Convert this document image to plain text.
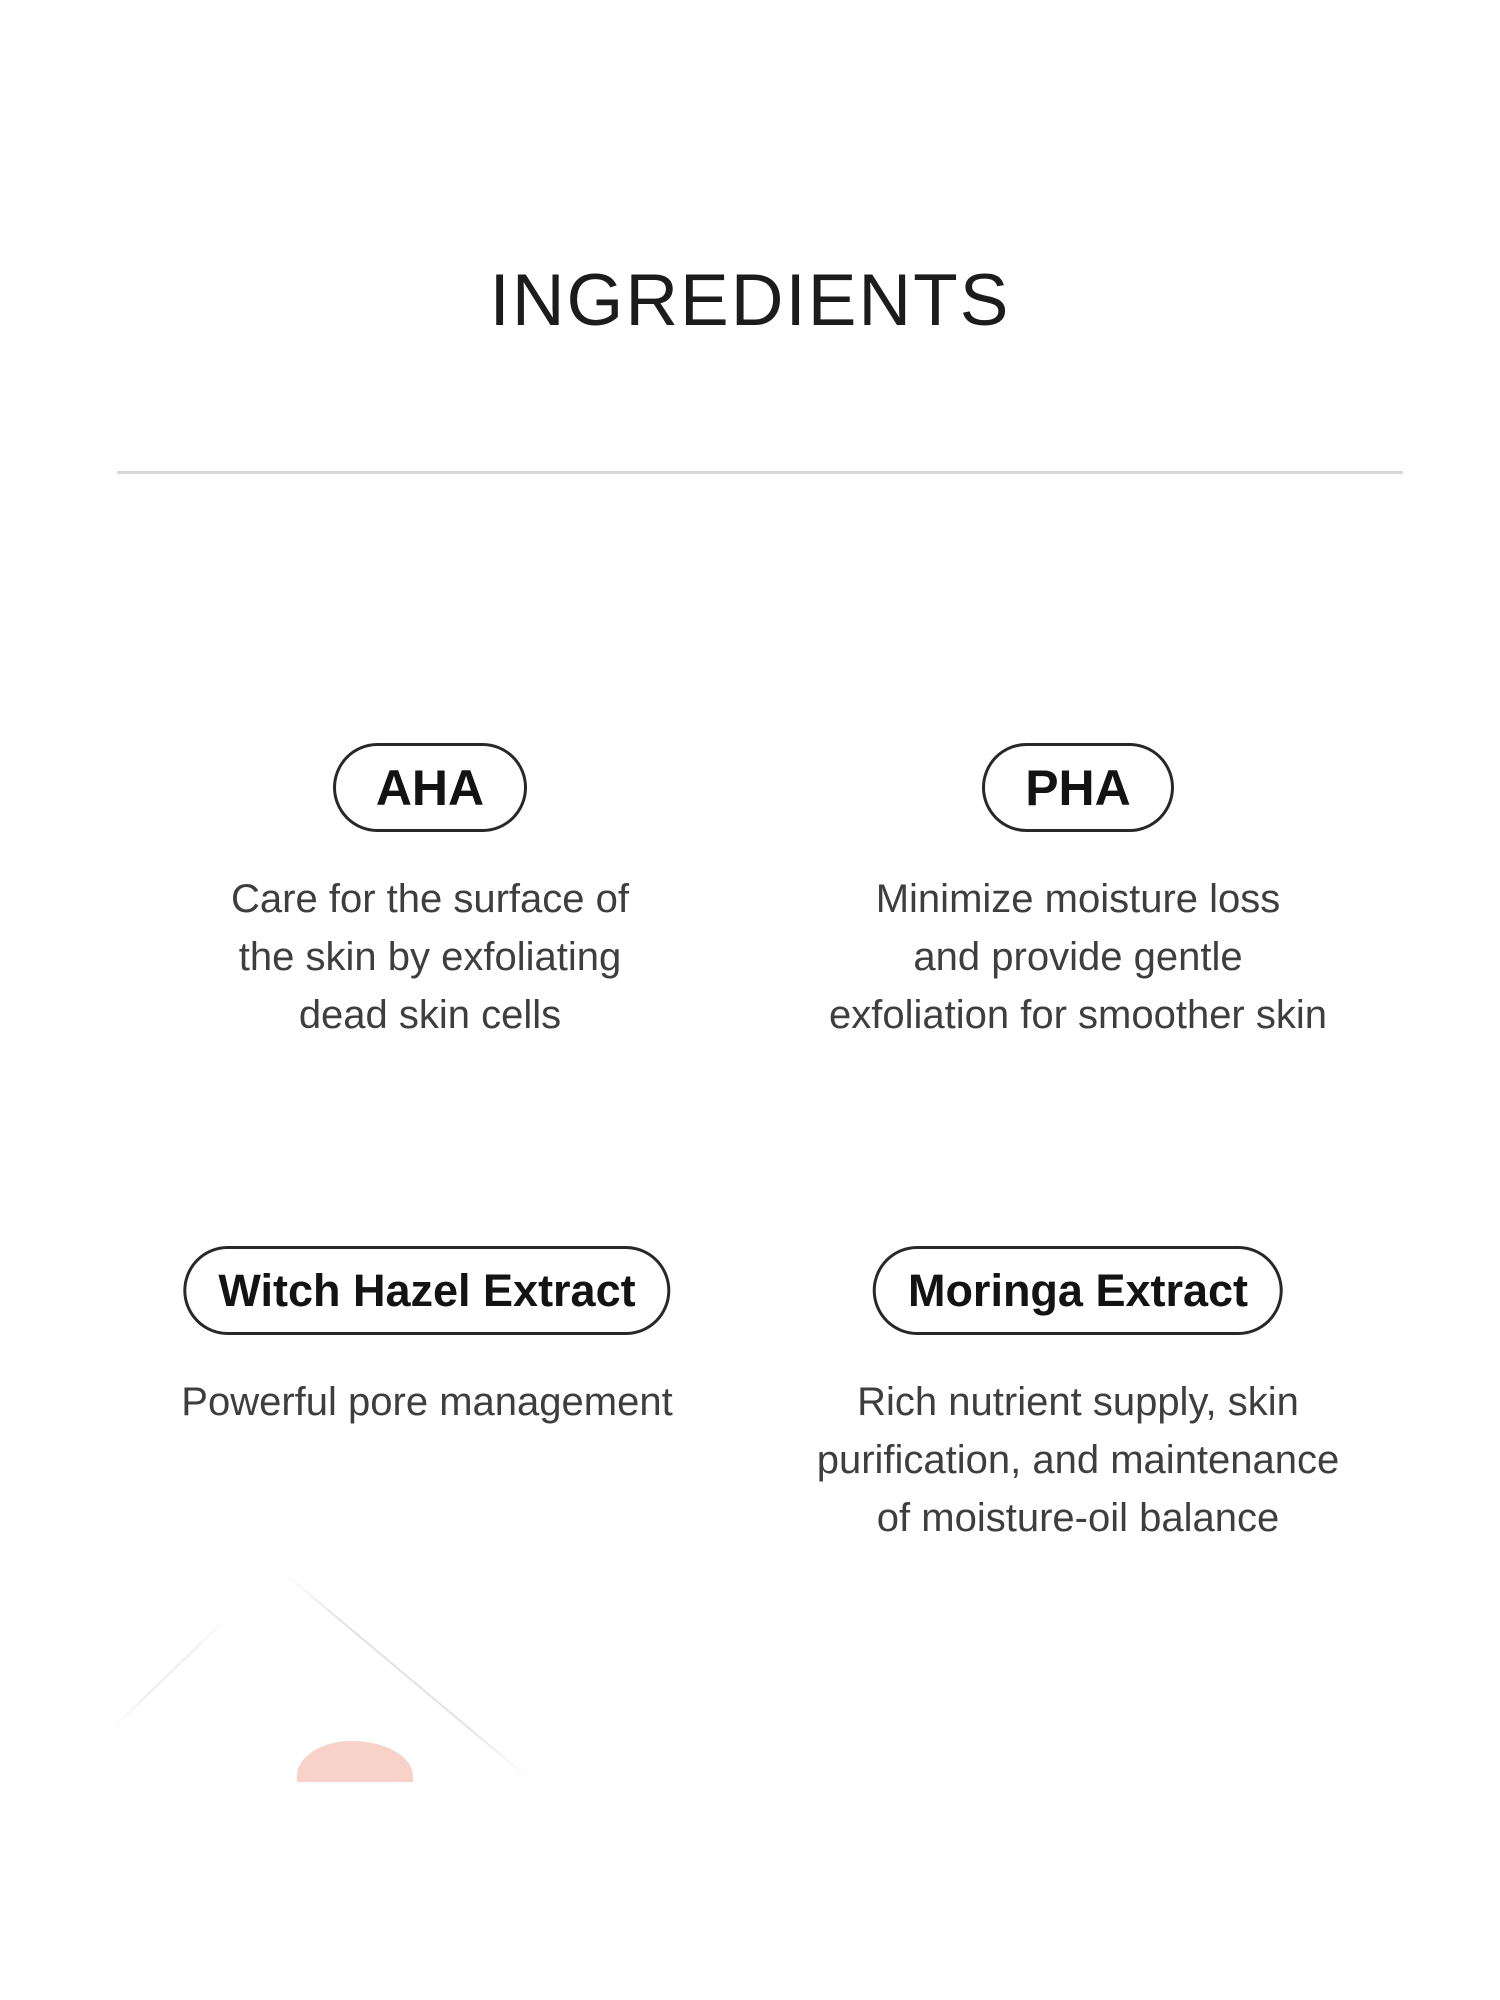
INGREDIENTS
AHA
Care for the surface of
the skin by exfoliating
dead skin cells
PHA
Minimize moisture loss
and provide gentle
exfoliation for smoother skin
Witch Hazel Extract
Powerful pore management
Moringa Extract
Rich nutrient supply, skin
purification, and maintenance
of moisture-oil balance
